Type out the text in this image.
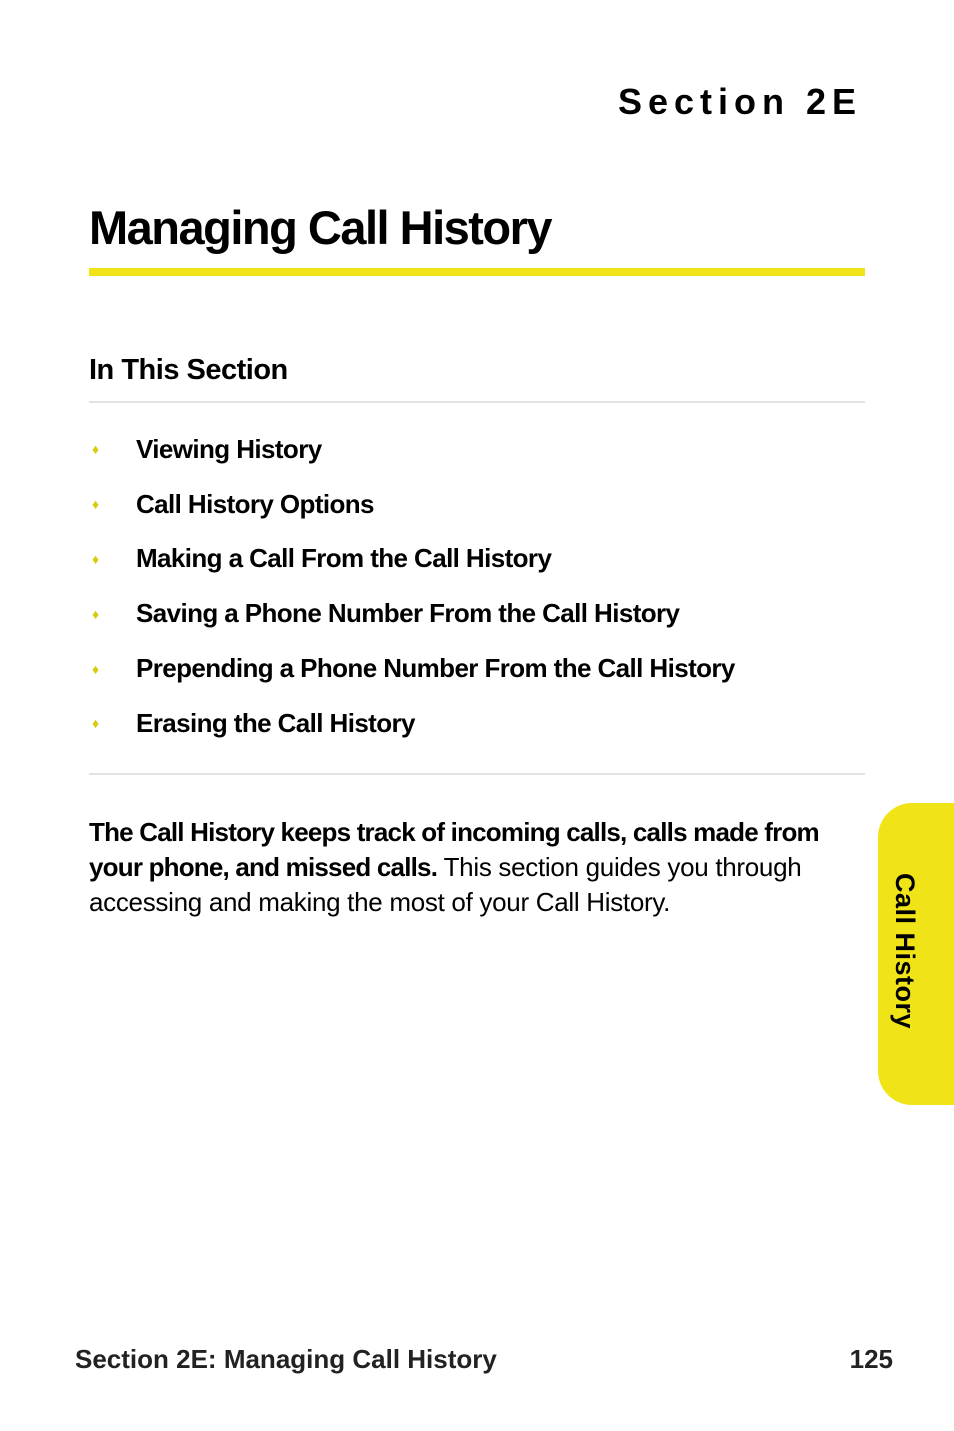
Section 2E
Managing Call History
In This Section
♦	Viewing History
♦	Call History Options
♦	Making a Call From the Call History
♦	Saving a Phone Number From the Call History
♦	Prepending a Phone Number From the Call History
♦	Erasing the Call History

The Call History keeps track of incoming calls, calls made from your phone, and missed calls. This section guides you through accessing and making the most of your Call History.	Call History
Section 2E: Managing Call History	125
